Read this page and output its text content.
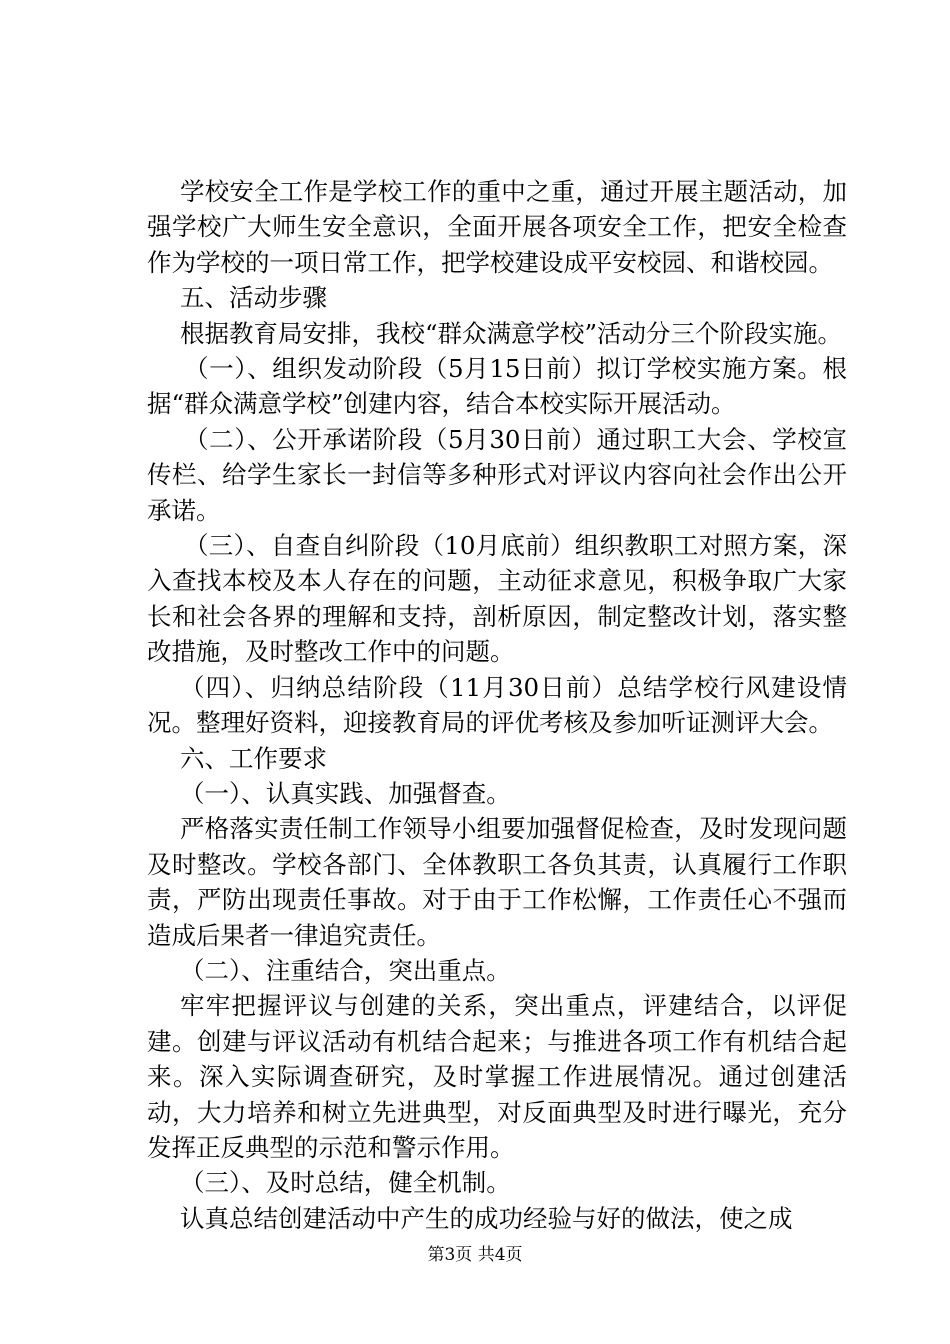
学校安全工作是学校工作的重中之重，通过开展主题活动，加强学校广大师生安全意识，全面开展各项安全工作，把安全检查作为学校的一项日常工作，把学校建设成平安校园、和谐校园。

五、活动步骤

根据教育局安排，我校“群众满意学校”活动分三个阶段实施。

（一）、组织发动阶段（5月15日前）拟订学校实施方案。根据“群众满意学校”创建内容，结合本校实际开展活动。

（二）、公开承诺阶段（5月30日前）通过职工大会、学校宣传栏、给学生家长一封信等多种形式对评议内容向社会作出公开承诺。

（三）、自查自纠阶段（10月底前）组织教职工对照方案，深入查找本校及本人存在的问题，主动征求意见，积极争取广大家长和社会各界的理解和支持，剖析原因，制定整改计划，落实整改措施，及时整改工作中的问题。

（四）、归纳总结阶段（11月30日前）总结学校行风建设情况。整理好资料，迎接教育局的评优考核及参加听证测评大会。

六、工作要求

（一）、认真实践、加强督查。

严格落实责任制工作领导小组要加强督促检查，及时发现问题及时整改。学校各部门、全体教职工各负其责，认真履行工作职责，严防出现责任事故。对于由于工作松懈，工作责任心不强而造成后果者一律追究责任。

（二）、注重结合，突出重点。

牢牢把握评议与创建的关系，突出重点，评建结合，以评促建。创建与评议活动有机结合起来；与推进各项工作有机结合起来。深入实际调查研究，及时掌握工作进展情况。通过创建活动，大力培养和树立先进典型，对反面典型及时进行曝光，充分发挥正反典型的示范和警示作用。

（三）、及时总结，健全机制。

认真总结创建活动中产生的成功经验与好的做法，使之成

第3页 共4页
